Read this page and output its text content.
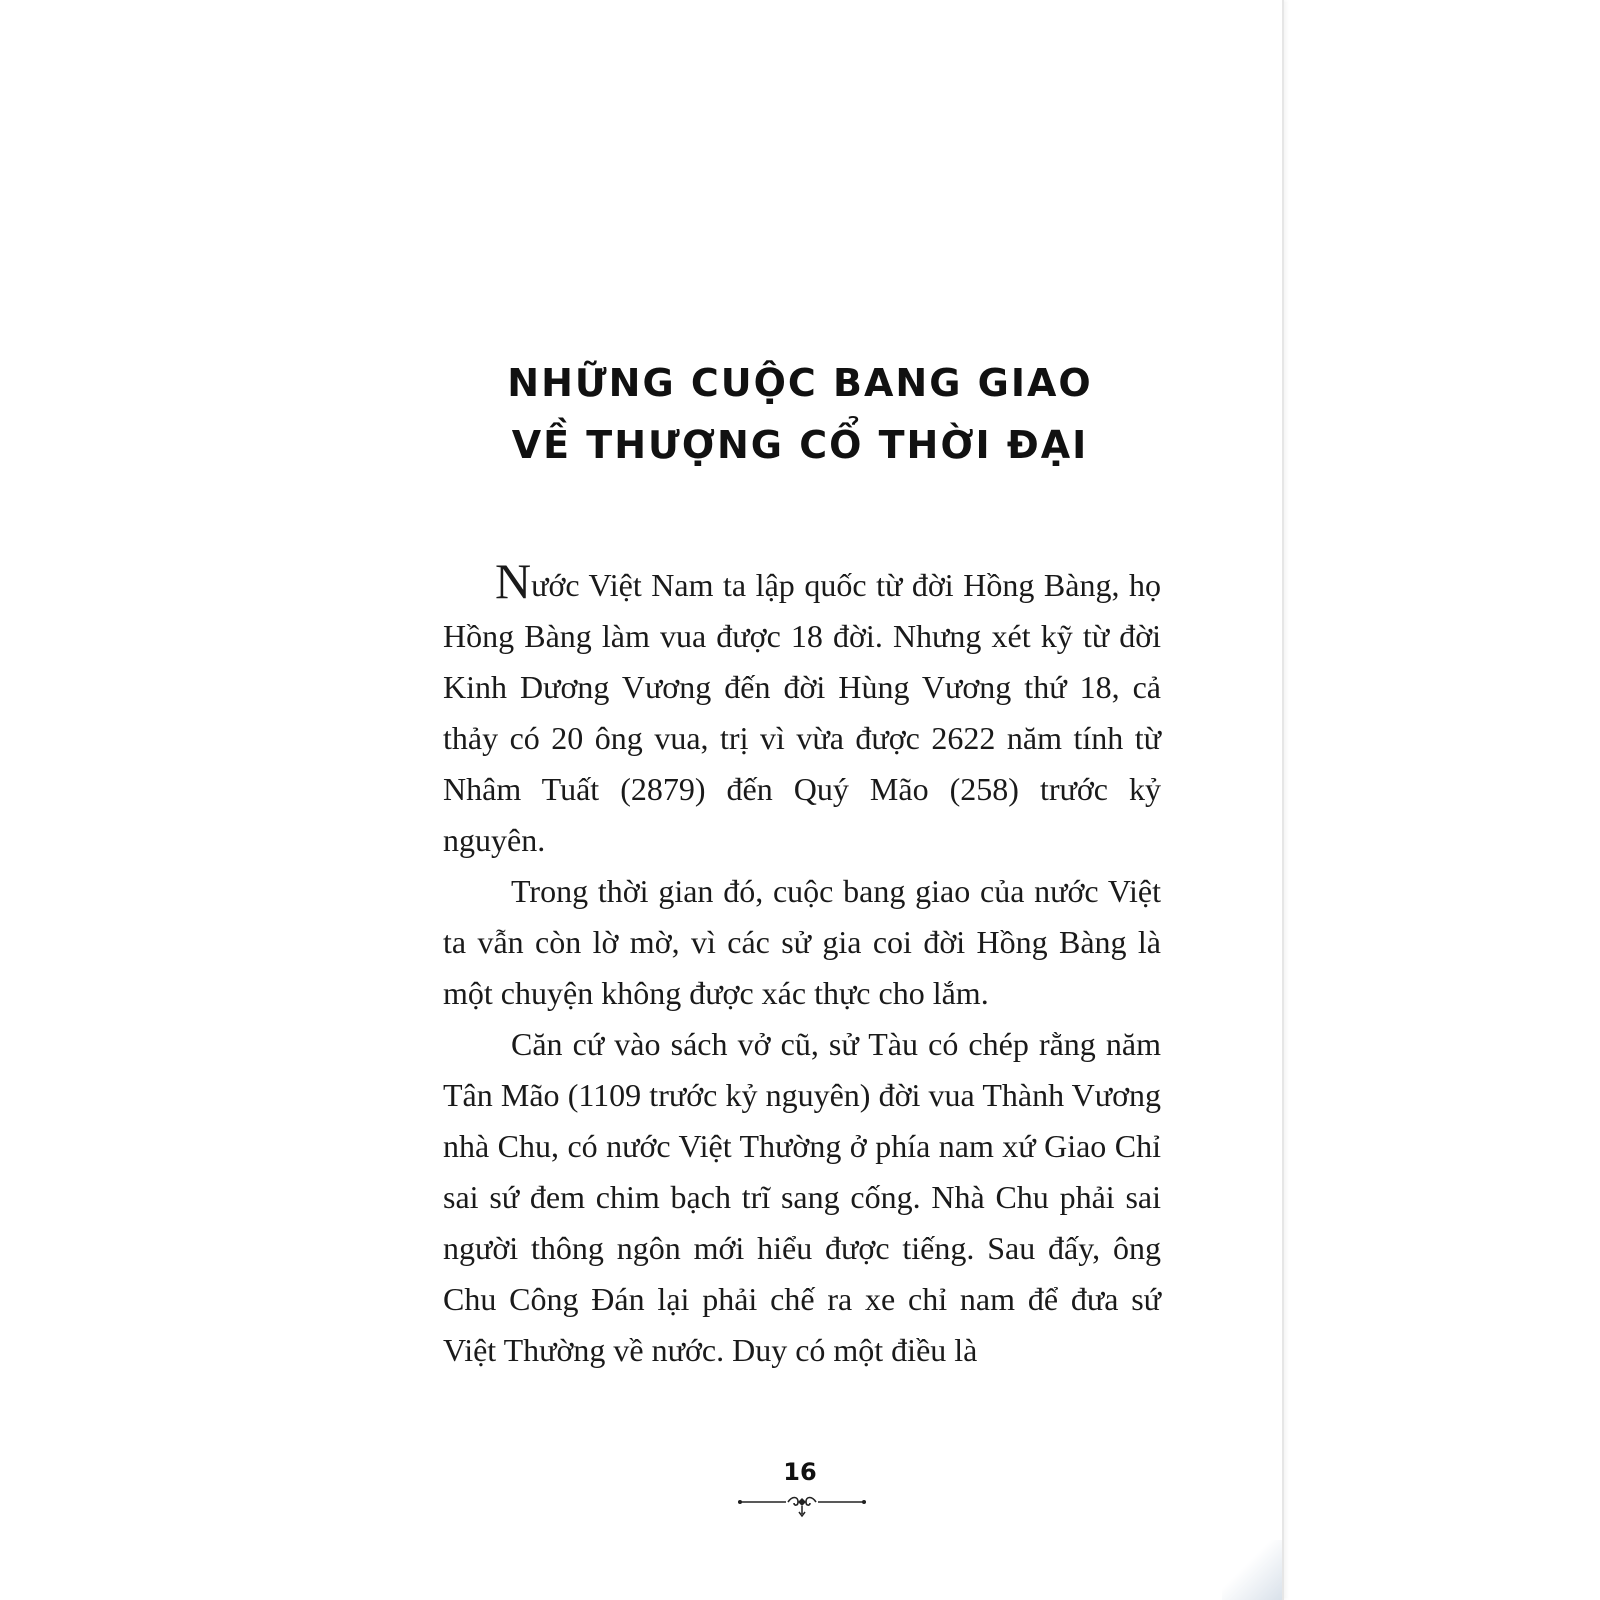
NHỮNG CUỘC BANG GIAO
VỀ THƯỢNG CỔ THỜI ĐẠI

Nước Việt Nam ta lập quốc từ đời Hồng Bàng, họ Hồng Bàng làm vua được 18 đời. Nhưng xét kỹ từ đời Kinh Dương Vương đến đời Hùng Vương thứ 18, cả thảy có 20 ông vua, trị vì vừa được 2622 năm tính từ Nhâm Tuất (2879) đến Quý Mão (258) trước kỷ nguyên.

Trong thời gian đó, cuộc bang giao của nước Việt ta vẫn còn lờ mờ, vì các sử gia coi đời Hồng Bàng là một chuyện không được xác thực cho lắm.

Căn cứ vào sách vở cũ, sử Tàu có chép rằng năm Tân Mão (1109 trước kỷ nguyên) đời vua Thành Vương nhà Chu, có nước Việt Thường ở phía nam xứ Giao Chỉ sai sứ đem chim bạch trĩ sang cống. Nhà Chu phải sai người thông ngôn mới hiểu được tiếng. Sau đấy, ông Chu Công Đán lại phải chế ra xe chỉ nam để đưa sứ Việt Thường về nước. Duy có một điều là

16
